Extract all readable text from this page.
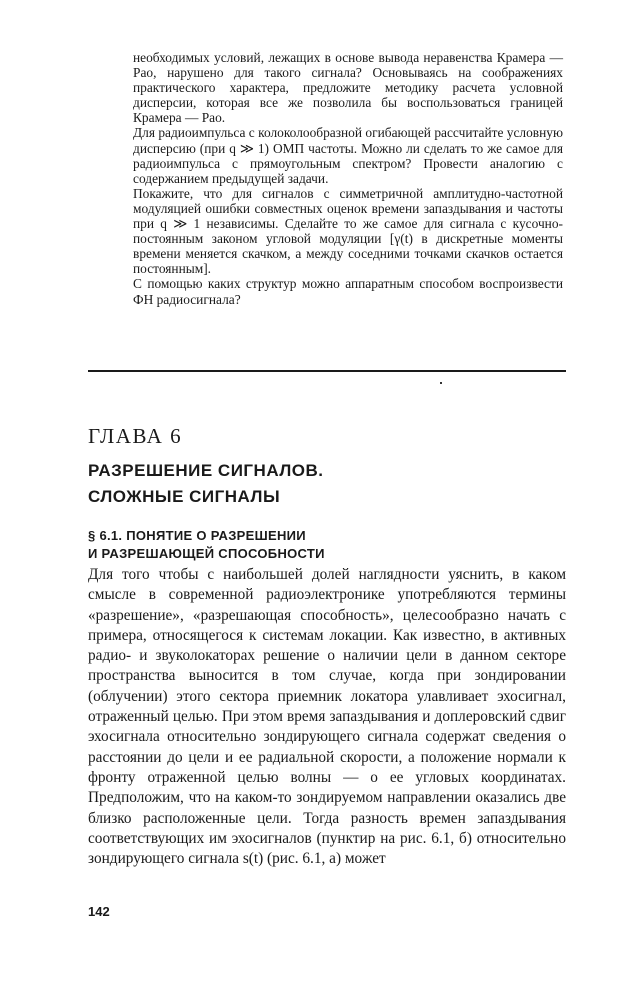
необходимых условий, лежащих в основе вывода неравенства Крамера — Рао, нарушено для такого сигнала? Основываясь на соображениях практического характера, предложите методику расчета условной дисперсии, которая все же позволила бы воспользоваться границей Крамера — Рао.

Для радиоимпульса с колоколообразной огибающей рассчитайте условную дисперсию (при q ≫ 1) ОМП частоты. Можно ли сделать то же самое для радиоимпульса с прямоугольным спектром? Провести аналогию с содержанием предыдущей задачи.

Покажите, что для сигналов с симметричной амплитудно-частотной модуляцией ошибки совместных оценок времени запаздывания и частоты при q ≫ 1 независимы. Сделайте то же самое для сигнала с кусочно-постоянным законом угловой модуляции [γ(t) в дискретные моменты времени меняется скачком, а между соседними точками скачков остается постоянным].

С помощью каких структур можно аппаратным способом воспроизвести ФН радиосигнала?

ГЛАВА 6
РАЗРЕШЕНИЕ СИГНАЛОВ.
СЛОЖНЫЕ СИГНАЛЫ
§ 6.1. ПОНЯТИЕ О РАЗРЕШЕНИИ
И РАЗРЕШАЮЩЕЙ СПОСОБНОСТИ

Для того чтобы с наибольшей долей наглядности уяснить, в каком смысле в современной радиоэлектронике употребляются термины «разрешение», «разрешающая способность», целесообразно начать с примера, относящегося к системам локации. Как известно, в активных радио- и звуколокаторах решение о наличии цели в данном секторе пространства выносится в том случае, когда при зондировании (облучении) этого сектора приемник локатора улавливает эхосигнал, отраженный целью. При этом время запаздывания и доплеровский сдвиг эхосигнала относительно зондирующего сигнала содержат сведения о расстоянии до цели и ее радиальной скорости, а положение нормали к фронту отраженной целью волны — о ее угловых координатах. Предположим, что на каком-то зондируемом направлении оказались две близко расположенные цели. Тогда разность времен запаздывания соответствующих им эхосигналов (пунктир на рис. 6.1, б) относительно зондирующего сигнала s(t) (рис. 6.1, а) может

142
